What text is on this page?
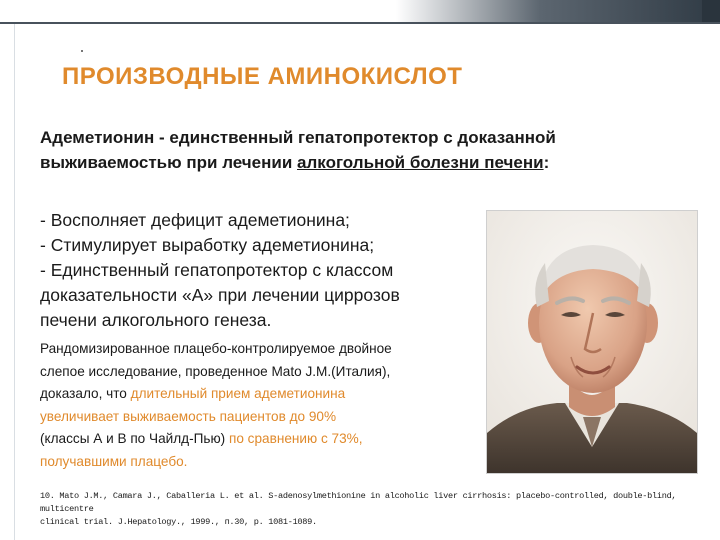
ПРОИЗВОДНЫЕ АМИНОКИСЛОТ
Адеметионин - единственный гепатопротектор с доказанной
выживаемостью при лечении алкогольной болезни печени:
- Восполняет дефицит адеметионина;
- Стимулирует выработку адеметионина;
- Единственный гепатопротектор с классом
доказательности «А» при лечении циррозов
печени алкогольного генеза.
Рандомизированное плацебо-контролируемое двойное
слепое исследование, проведенное Mato J.M.(Италия),
доказало, что длительный прием адеметионина
увеличивает выживаемость пациентов до 90%
(классы А и В по Чайлд-Пью) по сравнению с 73%,
получавшими плацебо.
10. Mato J.M., Camara J., Caballeria L. et al. S-adenosylmethionine in alcoholic liver cirrhosis: placebo-controlled, double-blind, multicentre
clinical trial. J.Hepatology., 1999., п.30, р. 1081-1089.
